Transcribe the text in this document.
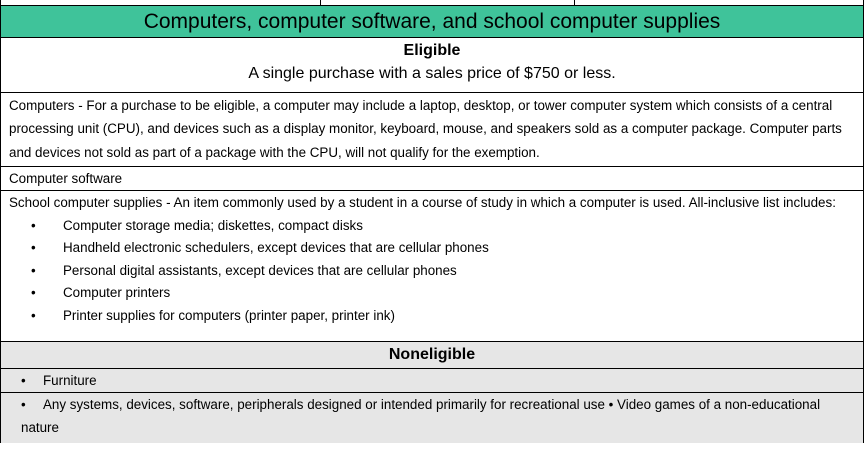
Computers, computer software, and school computer supplies

Eligible
A single purchase with a sales price of $750 or less.

Computers - For a purchase to be eligible, a computer may include a laptop, desktop, or tower computer system which consists of a central processing unit (CPU), and devices such as a display monitor, keyboard, mouse, and speakers sold as a computer package. Computer parts and devices not sold as part of a package with the CPU, will not qualify for the exemption.
Computer software

School computer supplies - An item commonly used by a student in a course of study in which a computer is used. All-inclusive list includes:
• Computer storage media; diskettes, compact disks
• Handheld electronic schedulers, except devices that are cellular phones
• Personal digital assistants, except devices that are cellular phones
• Computer printers
• Printer supplies for computers (printer paper, printer ink)

Noneligible
• Furniture

• Any systems, devices, software, peripherals designed or intended primarily for recreational use • Video games of a non-educational nature
